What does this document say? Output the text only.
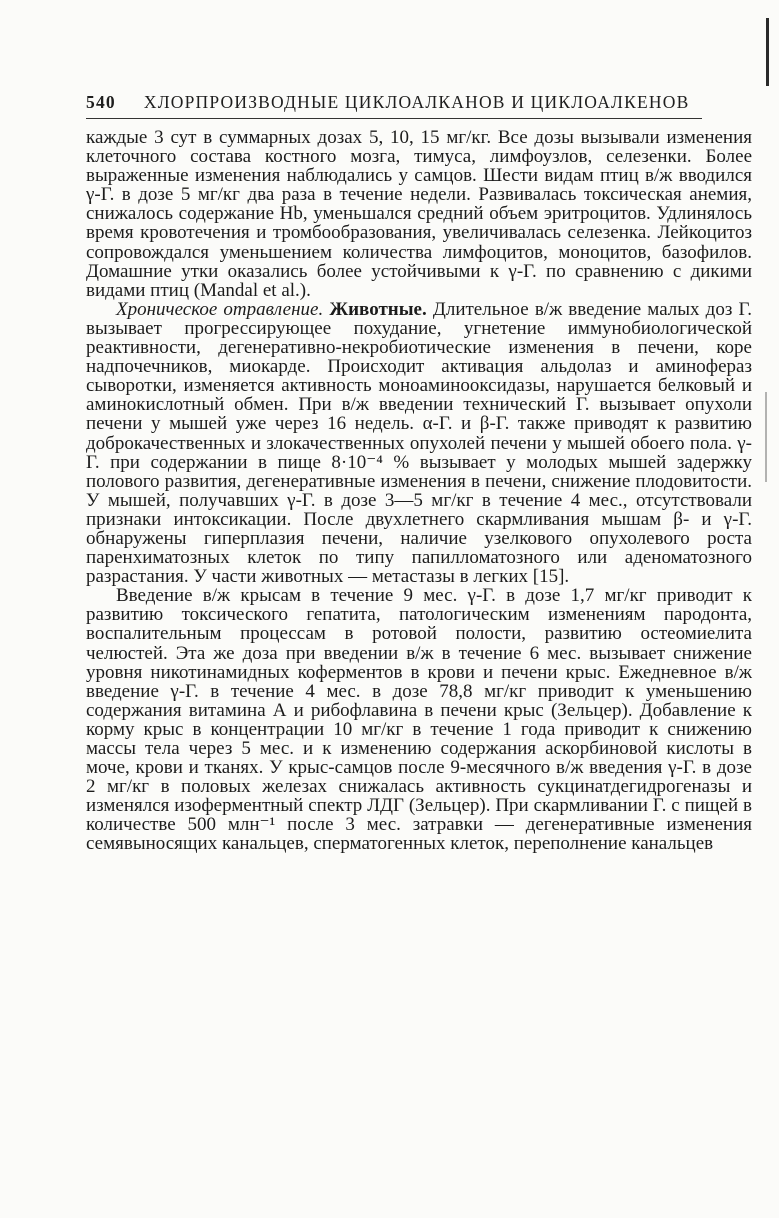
540 ХЛОРПРОИЗВОДНЫЕ ЦИКЛОАЛКАНОВ И ЦИКЛОАЛКЕНОВ

каждые 3 сут в суммарных дозах 5, 10, 15 мг/кг. Все дозы вызывали изменения клеточного состава костного мозга, тимуса, лимфоузлов, селезенки. Более выраженные изменения наблюдались у самцов. Шести видам птиц в/ж вводился γ-Г. в дозе 5 мг/кг два раза в течение недели. Развивалась токсическая анемия, снижалось содержание Hb, уменьшался средний объем эритроцитов. Удлинялось время кровотечения и тромбообразования, увеличивалась селезенка. Лейкоцитоз сопровождался уменьшением количества лимфоцитов, моноцитов, базофилов. Домашние утки оказались более устойчивыми к γ-Г. по сравнению с дикими видами птиц (Mandal et al.).

Хроническое отравление. Животные. Длительное в/ж введение малых доз Г. вызывает прогрессирующее похудание, угнетение иммунобиологической реактивности, дегенеративно-некробиотические изменения в печени, коре надпочечников, миокарде. Происходит активация альдолаз и аминофераз сыворотки, изменяется активность моноаминооксидазы, нарушается белковый и аминокислотный обмен. При в/ж введении технический Г. вызывает опухоли печени у мышей уже через 16 недель. α-Г. и β-Г. также приводят к развитию доброкачественных и злокачественных опухолей печени у мышей обоего пола. γ-Г. при содержании в пище 8·10⁻⁴ % вызывает у молодых мышей задержку полового развития, дегенеративные изменения в печени, снижение плодовитости. У мышей, получавших γ-Г. в дозе 3—5 мг/кг в течение 4 мес., отсутствовали признаки интоксикации. После двухлетнего скармливания мышам β- и γ-Г. обнаружены гиперплазия печени, наличие узелкового опухолевого роста паренхиматозных клеток по типу папилломатозного или аденоматозного разрастания. У части животных — метастазы в легких [15].

Введение в/ж крысам в течение 9 мес. γ-Г. в дозе 1,7 мг/кг приводит к развитию токсического гепатита, патологическим изменениям пародонта, воспалительным процессам в ротовой полости, развитию остеомиелита челюстей. Эта же доза при введении в/ж в течение 6 мес. вызывает снижение уровня никотинамидных коферментов в крови и печени крыс. Ежедневное в/ж введение γ-Г. в течение 4 мес. в дозе 78,8 мг/кг приводит к уменьшению содержания витамина А и рибофлавина в печени крыс (Зельцер). Добавление к корму крыс в концентрации 10 мг/кг в течение 1 года приводит к снижению массы тела через 5 мес. и к изменению содержания аскорбиновой кислоты в моче, крови и тканях. У крыс-самцов после 9-месячного в/ж введения γ-Г. в дозе 2 мг/кг в половых железах снижалась активность сукцинатдегидрогеназы и изменялся изоферментный спектр ЛДГ (Зельцер). При скармливании Г. с пищей в количестве 500 млн⁻¹ после 3 мес. затравки — дегенеративные изменения семявыносящих канальцев, сперматогенных клеток, переполнение канальцев
